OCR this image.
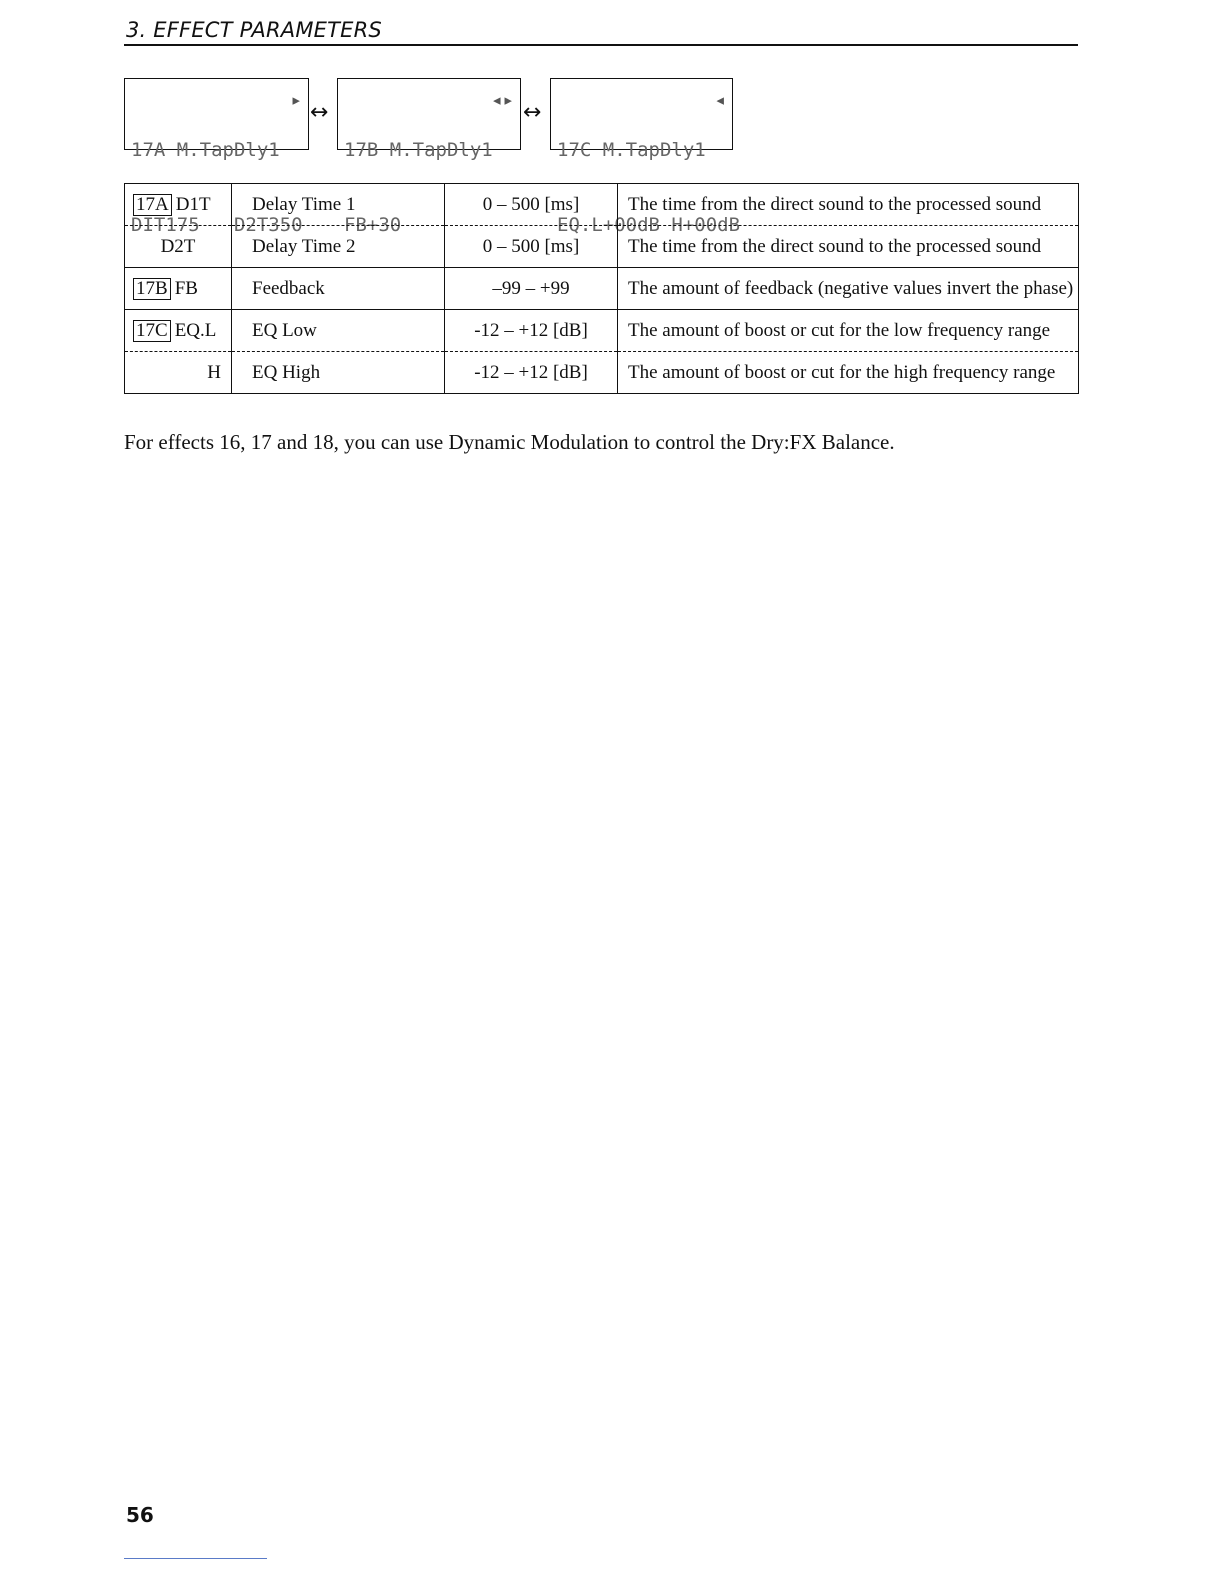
3. EFFECT PARAMETERS

17A M.TapDly1

DIT175   D2T350

▸ ↔

17B M.TapDly1

FB+30

◂▸ ↔

17C M.TapDly1

EQ.L+00dB H+00dB

◂

17A D1T	Delay Time 1	0 – 500 [ms]	The time from the direct sound to the processed sound

D2T	Delay Time 2	0 – 500 [ms]	The time from the direct sound to the processed sound

17B FB	Feedback	–99 – +99	The amount of feedback (negative values invert the phase)

17C EQ.L	EQ Low	-12 – +12 [dB]	The amount of boost or cut for the low frequency range

H	EQ High	-12 – +12 [dB]	The amount of boost or cut for the high frequency range
For effects 16, 17 and 18, you can use Dynamic Modulation to control the Dry:FX Balance.
56
